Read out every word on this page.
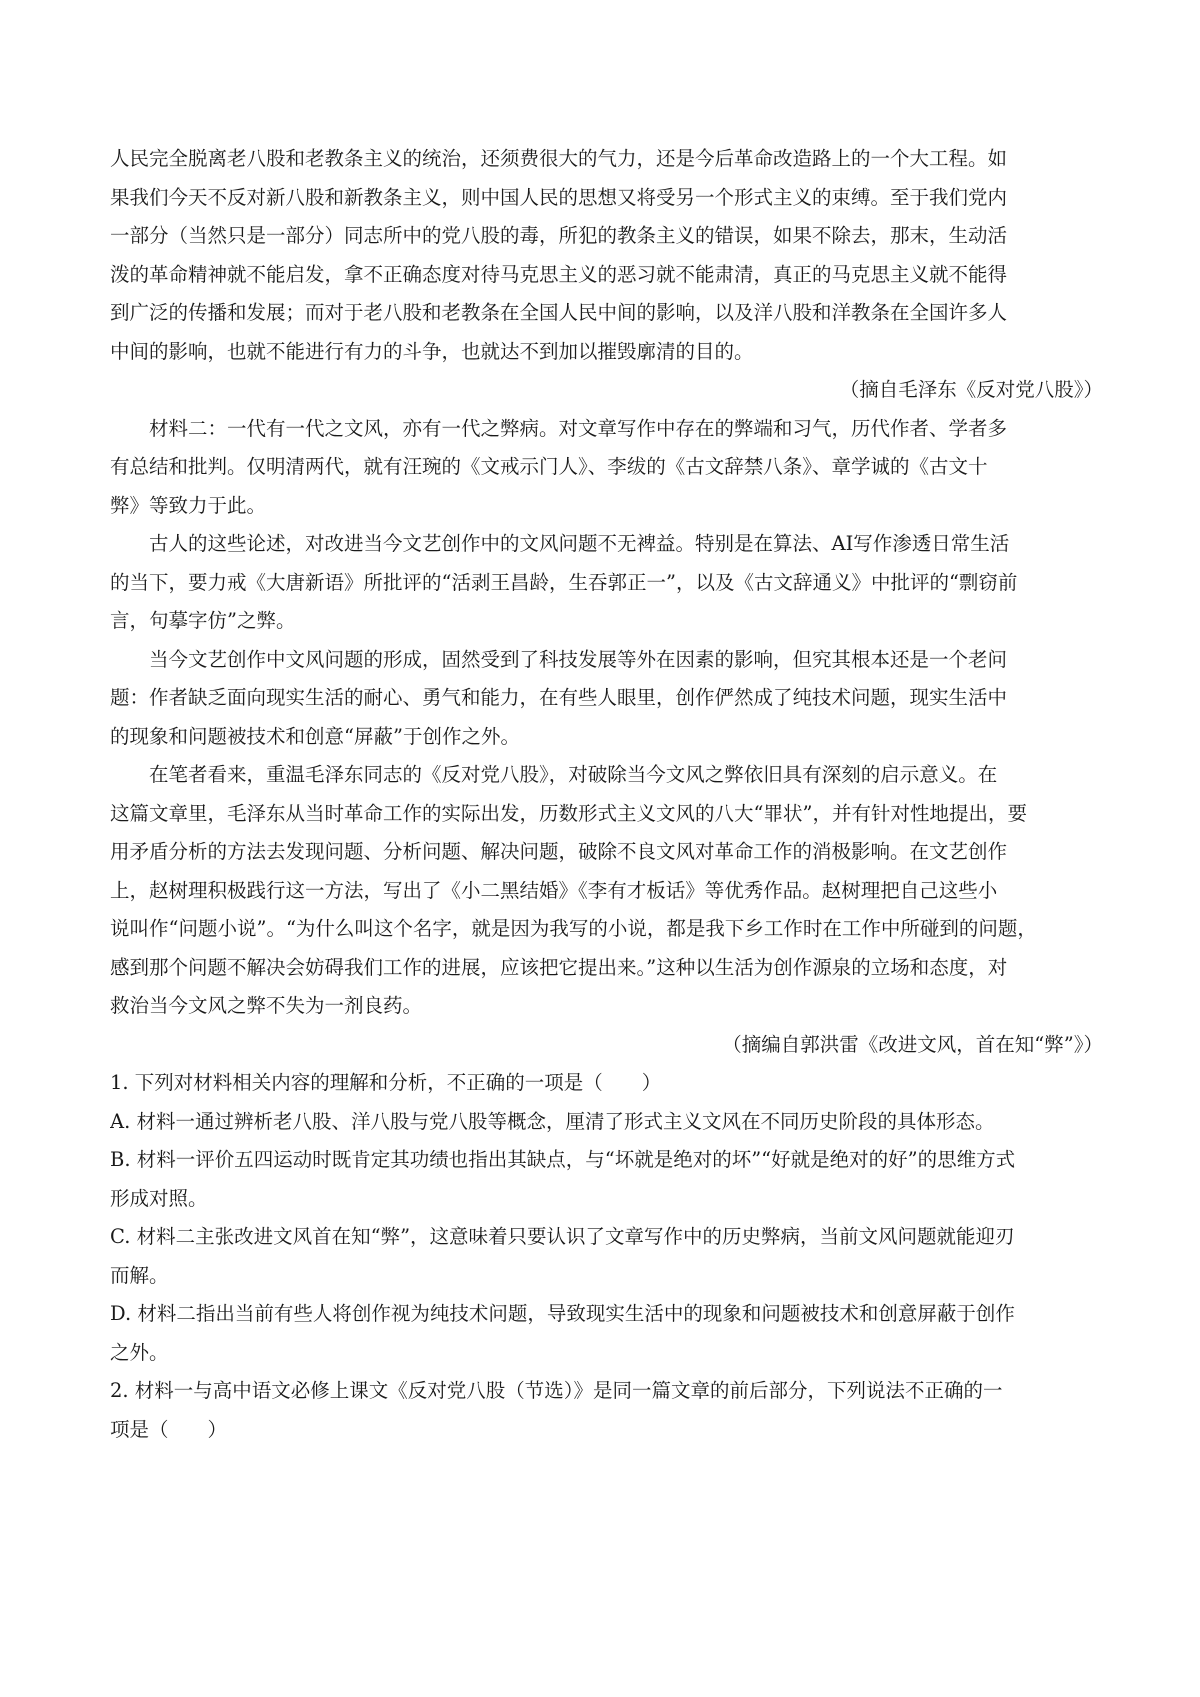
人民完全脱离老八股和老教条主义的统治，还须费很大的气力，还是今后革命改造路上的一个大工程。如
果我们今天不反对新八股和新教条主义，则中国人民的思想又将受另一个形式主义的束缚。至于我们党内
一部分（当然只是一部分）同志所中的党八股的毒，所犯的教条主义的错误，如果不除去，那末，生动活
泼的革命精神就不能启发，拿不正确态度对待马克思主义的恶习就不能肃清，真正的马克思主义就不能得
到广泛的传播和发展；而对于老八股和老教条在全国人民中间的影响，以及洋八股和洋教条在全国许多人
中间的影响，也就不能进行有力的斗争，也就达不到加以摧毁廓清的目的。
（摘自毛泽东《反对党八股》）
材料二：一代有一代之文风，亦有一代之弊病。对文章写作中存在的弊端和习气，历代作者、学者多
有总结和批判。仅明清两代，就有汪琬的《文戒示门人》、李绂的《古文辞禁八条》、章学诚的《古文十
弊》等致力于此。
古人的这些论述，对改进当今文艺创作中的文风问题不无裨益。特别是在算法、AI写作渗透日常生活
的当下，要力戒《大唐新语》所批评的“活剥王昌龄，生吞郭正一”，以及《古文辞通义》中批评的“剽窃前
言，句摹字仿”之弊。
当今文艺创作中文风问题的形成，固然受到了科技发展等外在因素的影响，但究其根本还是一个老问
题：作者缺乏面向现实生活的耐心、勇气和能力，在有些人眼里，创作俨然成了纯技术问题，现实生活中
的现象和问题被技术和创意“屏蔽”于创作之外。
在笔者看来，重温毛泽东同志的《反对党八股》，对破除当今文风之弊依旧具有深刻的启示意义。在
这篇文章里，毛泽东从当时革命工作的实际出发，历数形式主义文风的八大“罪状”，并有针对性地提出，要
用矛盾分析的方法去发现问题、分析问题、解决问题，破除不良文风对革命工作的消极影响。在文艺创作
上，赵树理积极践行这一方法，写出了《小二黑结婚》《李有才板话》等优秀作品。赵树理把自己这些小
说叫作“问题小说”。“为什么叫这个名字，就是因为我写的小说，都是我下乡工作时在工作中所碰到的问题，
感到那个问题不解决会妨碍我们工作的进展，应该把它提出来。”这种以生活为创作源泉的立场和态度，对
救治当今文风之弊不失为一剂良药。
（摘编自郭洪雷《改进文风，首在知“弊”》）
1. 下列对材料相关内容的理解和分析，不正确的一项是（　　）
A. 材料一通过辨析老八股、洋八股与党八股等概念，厘清了形式主义文风在不同历史阶段的具体形态。
B. 材料一评价五四运动时既肯定其功绩也指出其缺点，与“坏就是绝对的坏”“好就是绝对的好”的思维方式
形成对照。
C. 材料二主张改进文风首在知“弊”，这意味着只要认识了文章写作中的历史弊病，当前文风问题就能迎刃
而解。
D. 材料二指出当前有些人将创作视为纯技术问题，导致现实生活中的现象和问题被技术和创意屏蔽于创作
之外。
2. 材料一与高中语文必修上课文《反对党八股（节选）》是同一篇文章的前后部分，下列说法不正确的一
项是（　　）
